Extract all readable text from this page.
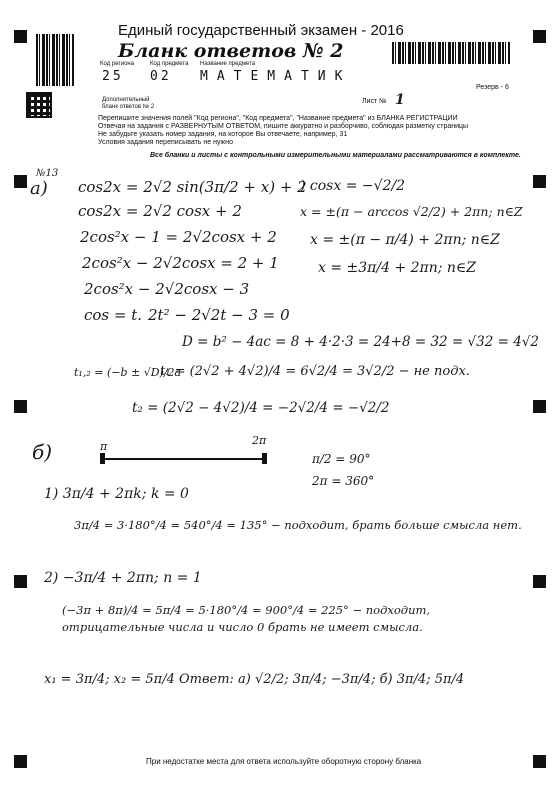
Единый государственный экзамен - 2016
Бланк ответов № 2
Код региона	Код предмета Название предмета
25 02 МАТЕМАТИК
Резерв - 6
Дополнительный
бланк ответов № 2
Лист № 1
Перепишите значения полей "Код региона", "Код предмета", "Название предмета" из БЛАНКА РЕГИСТРАЦИИ
Отвечая на задания с РАЗВЕРНУТЫМ ОТВЕТОМ, пишите аккуратно и разборчиво, соблюдая разметку страницы
Не забудьте указать номер задания, на которое Вы отвечаете, например, 31
Условия задания переписывать не нужно
Все бланки и листы с контрольными измерительными материалами рассматриваются в комплекте.
№13
а) cos2x = 2√2 sin(3π/2 + x) + 2
cos2x = 2√2 cosx + 2
2cos²x − 1 = 2√2cosx + 2
2cos²x − 2√2cosx = 2 + 1
2cos²x − 2√2cosx − 3
cos = t. 2t² − 2√2t − 3 = 0
) cosx = −√2/2
x = ±(π − arccos √2/2) + 2πn; n∈Z
x = ±(π − π/4) + 2πn; n∈Z
x = ±3π/4 + 2πn; n∈Z
D = b² − 4ac = 8 + 4·2·3 = 24+8 = 32 = √32 = 4√2
t₁,₂ = (−b ± √D)/2a
t₁ = (2√2 + 4√2)/4 = 6√2/4 = 3√2/2 − не подх.
t₂ = (2√2 − 4√2)/4 = −2√2/4 = −√2/2
б)	π	2π
π/2 = 90°
2π = 360°
1) 3π/4 + 2πk; k = 0
3π/4 = 3·180°/4 = 540°/4 = 135° − подходит, брать больше смысла нет.
2) −3π/4 + 2πn; n = 1
(−3π + 8π)/4 = 5π/4 = 5·180°/4 = 900°/4 = 225° − подходит, отрицательные числа и число 0 брать не имеет смысла.
x₁ = 3π/4; x₂ = 5π/4 Ответ: а) √2/2; 3π/4; −3π/4; б) 3π/4; 5π/4
При недостатке места для ответа используйте оборотную сторону бланка
